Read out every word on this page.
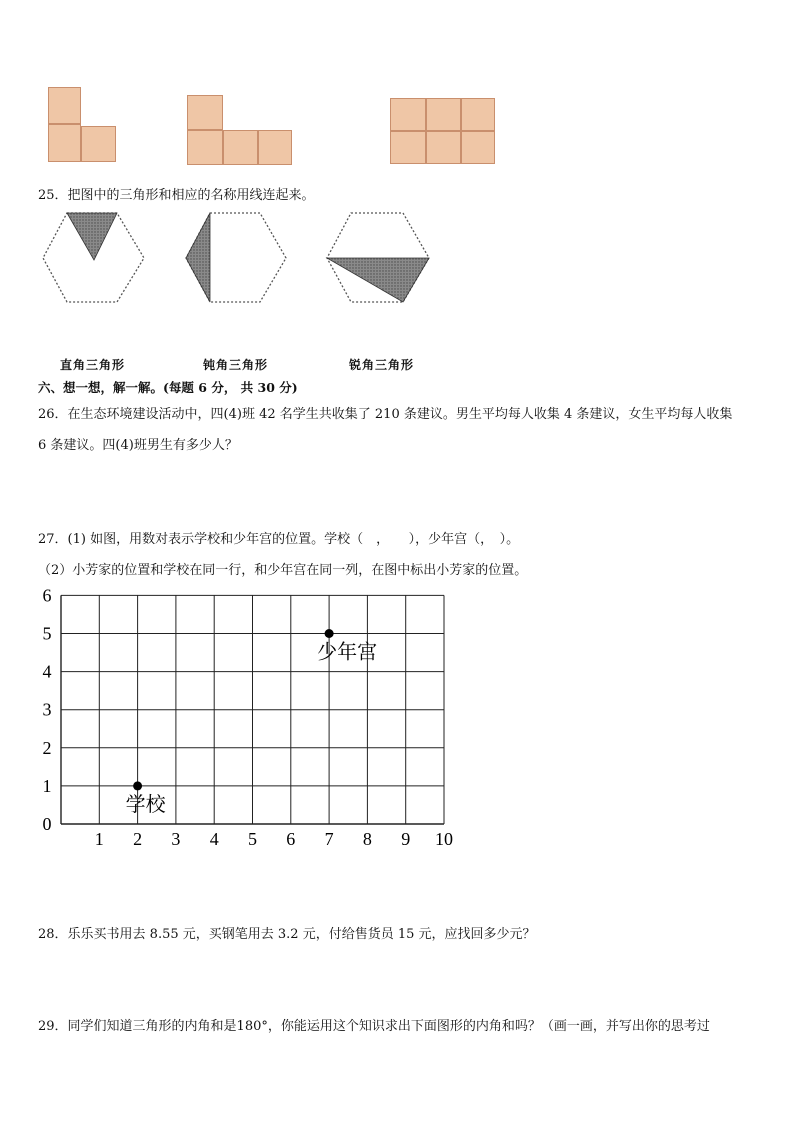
25．把图中的三角形和相应的名称用线连起来。
直角三角形	钝角三角形	锐角三角形
六、想一想，解一解。(每题 6 分， 共 30 分)
26．在生态环境建设活动中，四(4)班 42 名学生共收集了 210 条建议。男生平均每人收集 4 条建议，女生平均每人收集
6 条建议。四(4)班男生有多少人？
27．(1) 如图，用数对表示学校和少年宫的位置。学校（　，　　），少年宫（，　）。
（2）小芳家的位置和学校在同一行，和少年宫在同一列，在图中标出小芳家的位置。
1 2 3 4 5 6 7 8 9 10
6
5
4
3
2
1
0
少年宫
学校
28．乐乐买书用去 8.55 元，买钢笔用去 3.2 元，付给售货员 15 元，应找回多少元？
29．同学们知道三角形的内角和是180°，你能运用这个知识求出下面图形的内角和吗？（画一画，并写出你的思考过
